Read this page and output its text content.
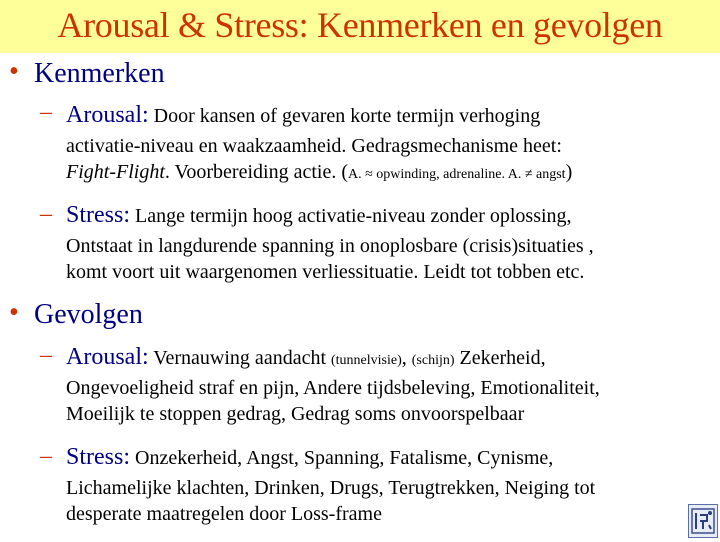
Arousal & Stress: Kenmerken en gevolgen
• Kenmerken
– Arousal: Door kansen of gevaren korte termijn verhoging
activatie-niveau en waakzaamheid. Gedragsmechanisme heet:
Fight-Flight. Voorbereiding actie. (A. ≈ opwinding, adrenaline. A. ≠ angst)
– Stress: Lange termijn hoog activatie-niveau zonder oplossing,
Ontstaat in langdurende spanning in onoplosbare (crisis)situaties ,
komt voort uit waargenomen verliessituatie. Leidt tot tobben etc.
• Gevolgen
– Arousal: Vernauwing aandacht (tunnelvisie), (schijn) Zekerheid,
Ongevoeligheid straf en pijn, Andere tijdsbeleving, Emotionaliteit,
Moeilijk te stoppen gedrag, Gedrag soms onvoorspelbaar
– Stress: Onzekerheid, Angst, Spanning, Fatalisme, Cynisme,
Lichamelijke klachten, Drinken, Drugs, Terugtrekken, Neiging tot
desperate maatregelen door Loss-frame
